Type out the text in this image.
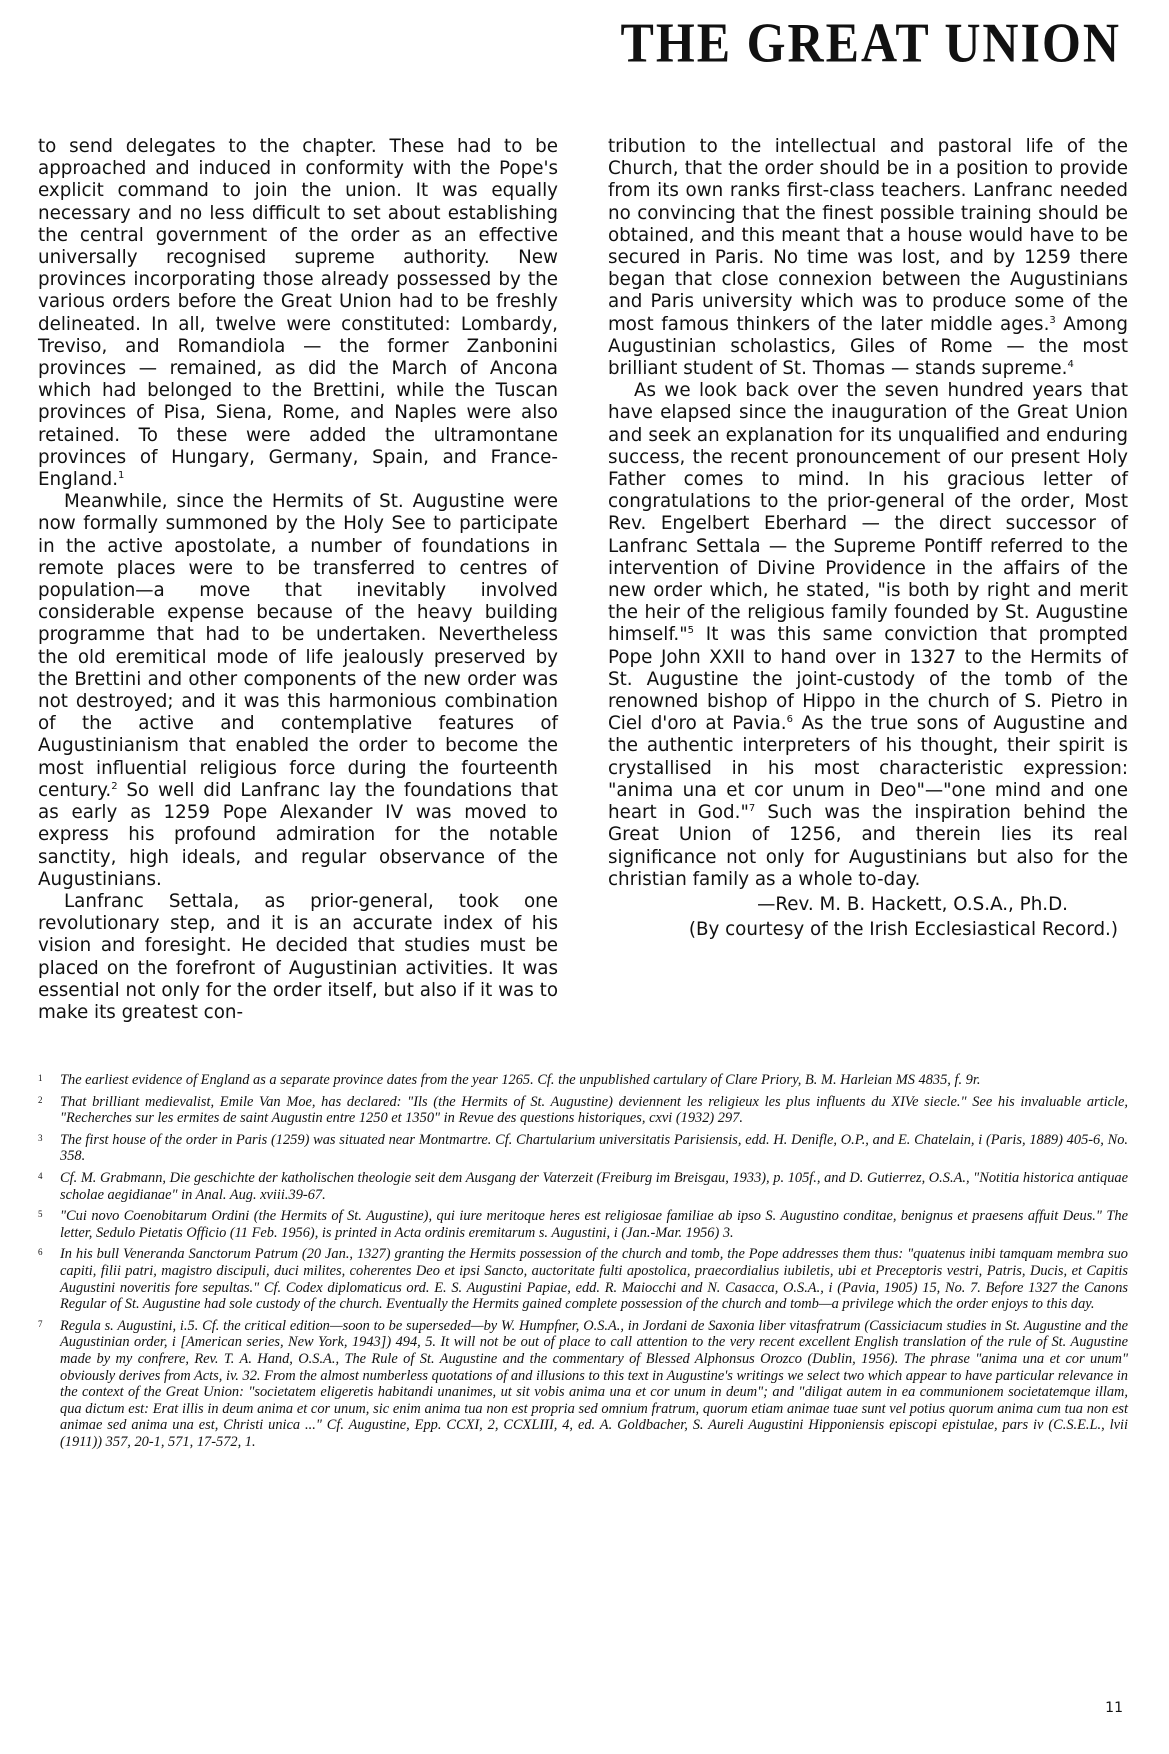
THE GREAT UNION

to send delegates to the chapter. These had to be approached and induced in conformity with the Pope's explicit command to join the union. It was equally necessary and no less difficult to set about establishing the central government of the order as an effective universally recognised supreme authority. New provinces incorporating those already possessed by the various orders before the Great Union had to be freshly delineated. In all, twelve were constituted: Lombardy, Treviso, and Romandiola — the former Zanbonini provinces — remained, as did the March of Ancona which had belonged to the Brettini, while the Tuscan provinces of Pisa, Siena, Rome, and Naples were also retained. To these were added the ultramontane provinces of Hungary, Germany, Spain, and France-England.$^1$

Meanwhile, since the Hermits of St. Augustine were now formally summoned by the Holy See to participate in the active apostolate, a number of foundations in remote places were to be transferred to centres of population—a move that inevitably involved considerable expense because of the heavy building programme that had to be undertaken. Nevertheless the old eremitical mode of life jealously preserved by the Brettini and other components of the new order was not destroyed; and it was this harmonious combination of the active and contemplative features of Augustinianism that enabled the order to become the most influential religious force during the fourteenth century.$^2$ So well did Lanfranc lay the foundations that as early as 1259 Pope Alexander IV was moved to express his profound admiration for the notable sanctity, high ideals, and regular observance of the Augustinians.

Lanfranc Settala, as prior-general, took one revolutionary step, and it is an accurate index of his vision and foresight. He decided that studies must be placed on the forefront of Augustinian activities. It was essential not only for the order itself, but also if it was to make its greatest con-

tribution to the intellectual and pastoral life of the Church, that the order should be in a position to provide from its own ranks first-class teachers. Lanfranc needed no convincing that the finest possible training should be obtained, and this meant that a house would have to be secured in Paris. No time was lost, and by 1259 there began that close connexion between the Augustinians and Paris university which was to produce some of the most famous thinkers of the later middle ages.$^3$ Among Augustinian scholastics, Giles of Rome — the most brilliant student of St. Thomas — stands supreme.$^4$

As we look back over the seven hundred years that have elapsed since the inauguration of the Great Union and seek an explanation for its unqualified and enduring success, the recent pronouncement of our present Holy Father comes to mind. In his gracious letter of congratulations to the prior-general of the order, Most Rev. Engelbert Eberhard — the direct successor of Lanfranc Settala — the Supreme Pontiff referred to the intervention of Divine Providence in the affairs of the new order which, he stated, "is both by right and merit the heir of the religious family founded by St. Augustine himself."$^5$ It was this same conviction that prompted Pope John XXII to hand over in 1327 to the Hermits of St. Augustine the joint-custody of the tomb of the renowned bishop of Hippo in the church of S. Pietro in Ciel d'oro at Pavia.$^6$ As the true sons of Augustine and the authentic interpreters of his thought, their spirit is crystallised in his most characteristic expression: "anima una et cor unum in Deo"—"one mind and one heart in God."$^7$ Such was the inspiration behind the Great Union of 1256, and therein lies its real significance not only for Augustinians but also for the christian family as a whole to-day.

—Rev. M. B. Hackett, O.S.A., Ph.D.
(By courtesy of the Irish Ecclesiastical Record.)
1 The earliest evidence of England as a separate province dates from the year 1265. Cf. the unpublished cartulary of Clare Priory, B. M. Harleian MS 4835, f. 9r.
2 That brilliant medievalist, Emile Van Moe, has declared: "Ils (the Hermits of St. Augustine) deviennent les religieux les plus influents du XIVe siecle." See his invaluable article, "Recherches sur les ermites de saint Augustin entre 1250 et 1350" in Revue des questions historiques, cxvi (1932) 297.
3 The first house of the order in Paris (1259) was situated near Montmartre. Cf. Chartularium universitatis Parisiensis, edd. H. Denifle, O.P., and E. Chatelain, i (Paris, 1889) 405-6, No. 358.
4 Cf. M. Grabmann, Die geschichte der katholischen theologie seit dem Ausgang der Vaterzeit (Freiburg im Breisgau, 1933), p. 105f., and D. Gutierrez, O.S.A., "Notitia historica antiquae scholae aegidianae" in Anal. Aug. xviii.39-67.
5 "Cui novo Coenobitarum Ordini (the Hermits of St. Augustine), qui iure meritoque heres est religiosae familiae ab ipso S. Augustino conditae, benignus et praesens affuit Deus." The letter, Sedulo Pietatis Officio (11 Feb. 1956), is printed in Acta ordinis eremitarum s. Augustini, i (Jan.-Mar. 1956) 3.
6 In his bull Veneranda Sanctorum Patrum (20 Jan., 1327) granting the Hermits possession of the church and tomb, the Pope addresses them thus: "quatenus inibi tamquam membra suo capiti, filii patri, magistro discipuli, duci milites, coherentes Deo et ipsi Sancto, auctoritate fulti apostolica, praecordialius iubiletis, ubi et Preceptoris vestri, Patris, Ducis, et Capitis Augustini noveritis fore sepultas." Cf. Codex diplomaticus ord. E. S. Augustini Papiae, edd. R. Maiocchi and N. Casacca, O.S.A., i (Pavia, 1905) 15, No. 7. Before 1327 the Canons Regular of St. Augustine had sole custody of the church. Eventually the Hermits gained complete possession of the church and tomb—a privilege which the order enjoys to this day.
7 Regula s. Augustini, i.5. Cf. the critical edition—soon to be superseded—by W. Humpfner, O.S.A., in Jordani de Saxonia liber vitasfratrum (Cassiciacum studies in St. Augustine and the Augustinian order, i [American series, New York, 1943]) 494, 5. It will not be out of place to call attention to the very recent excellent English translation of the rule of St. Augustine made by my confrere, Rev. T. A. Hand, O.S.A., The Rule of St. Augustine and the commentary of Blessed Alphonsus Orozco (Dublin, 1956). The phrase "anima una et cor unum" obviously derives from Acts, iv. 32. From the almost numberless quotations of and illusions to this text in Augustine's writings we select two which appear to have particular relevance in the context of the Great Union: "societatem eligeretis habitandi unanimes, ut sit vobis anima una et cor unum in deum"; and "diligat autem in ea communionem societatemque illam, qua dictum est: Erat illis in deum anima et cor unum, sic enim anima tua non est propria sed omnium fratrum, quorum etiam animae tuae sunt vel potius quorum anima cum tua non est animae sed anima una est, Christi unica ..." Cf. Augustine, Epp. CCXI, 2, CCXLIII, 4, ed. A. Goldbacher, S. Aureli Augustini Hipponiensis episcopi epistulae, pars iv (C.S.E.L., lvii (1911)) 357, 20-1, 571, 17-572, 1.
11
